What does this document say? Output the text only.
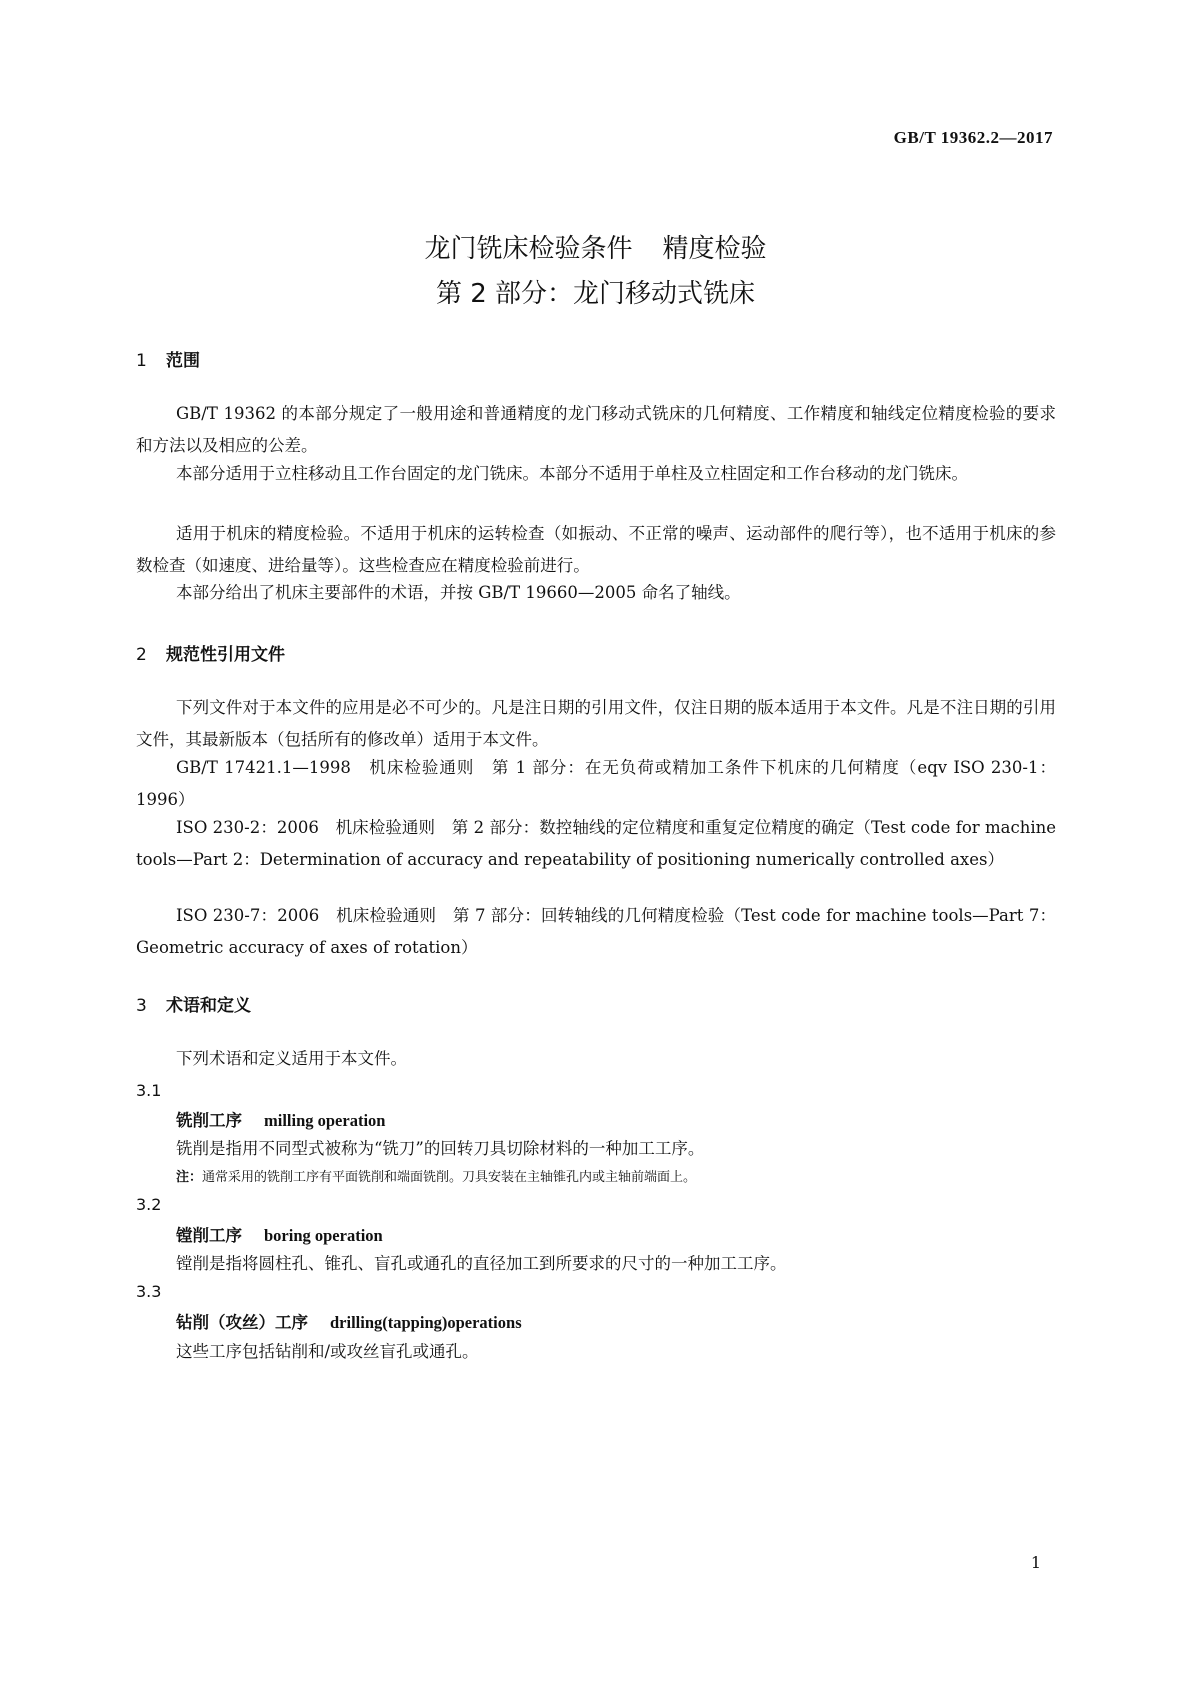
GB/T 19362.2—2017
龙门铣床检验条件 精度检验
第 2 部分：龙门移动式铣床
1 范围
GB/T 19362 的本部分规定了一般用途和普通精度的龙门移动式铣床的几何精度、工作精度和轴线定位精度检验的要求和方法以及相应的公差。
本部分适用于立柱移动且工作台固定的龙门铣床。本部分不适用于单柱及立柱固定和工作台移动的龙门铣床。
适用于机床的精度检验。不适用于机床的运转检查（如振动、不正常的噪声、运动部件的爬行等），也不适用于机床的参数检查（如速度、进给量等）。这些检查应在精度检验前进行。
本部分给出了机床主要部件的术语，并按 GB/T 19660—2005 命名了轴线。
2 规范性引用文件
下列文件对于本文件的应用是必不可少的。凡是注日期的引用文件，仅注日期的版本适用于本文件。凡是不注日期的引用文件，其最新版本（包括所有的修改单）适用于本文件。
GB/T 17421.1—1998　机床检验通则　第 1 部分：在无负荷或精加工条件下机床的几何精度（eqv ISO 230-1：1996）
ISO 230-2：2006　机床检验通则　第 2 部分：数控轴线的定位精度和重复定位精度的确定（Test code for machine tools—Part 2：Determination of accuracy and repeatability of positioning numerically controlled axes）
ISO 230-7：2006　机床检验通则　第 7 部分：回转轴线的几何精度检验（Test code for machine tools—Part 7：Geometric accuracy of axes of rotation）
3 术语和定义
下列术语和定义适用于本文件。
3.1
铣削工序 milling operation
铣削是指用不同型式被称为“铣刀”的回转刀具切除材料的一种加工工序。
注：通常采用的铣削工序有平面铣削和端面铣削。刀具安装在主轴锥孔内或主轴前端面上。
3.2
镗削工序 boring operation
镗削是指将圆柱孔、锥孔、盲孔或通孔的直径加工到所要求的尺寸的一种加工工序。
3.3
钻削（攻丝）工序 drilling(tapping)operations
这些工序包括钻削和/或攻丝盲孔或通孔。
1
